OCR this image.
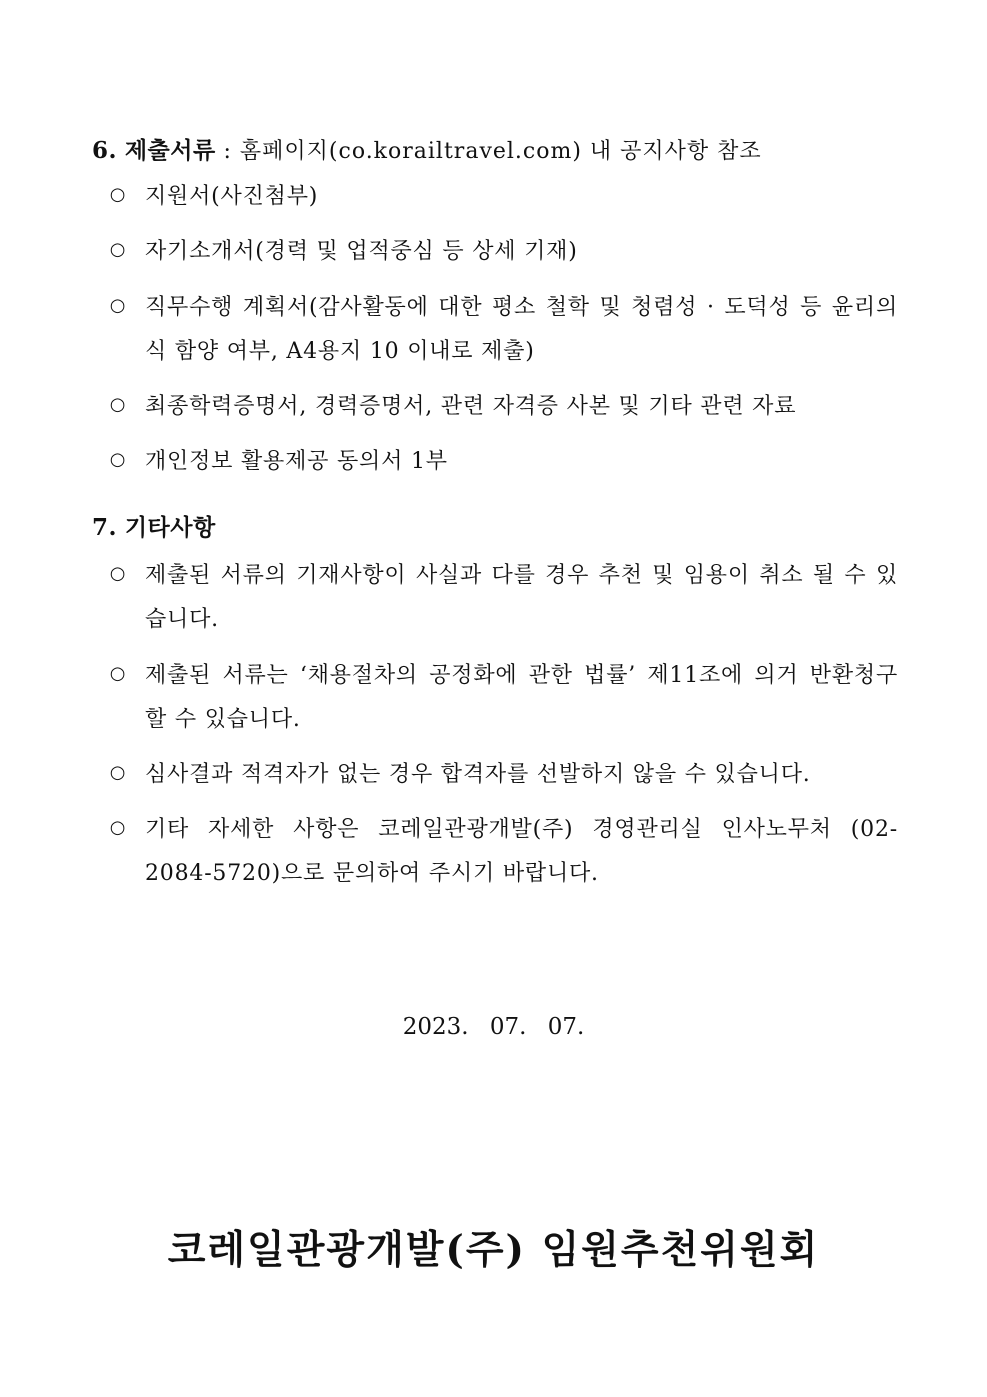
6. 제출서류 : 홈페이지(co.korailtravel.com) 내 공지사항 참조
○ 지원서(사진첨부)
○ 자기소개서(경력 및 업적중심 등 상세 기재)
○ 직무수행 계획서(감사활동에 대한 평소 철학 및 청렴성 · 도덕성 등 윤리의식 함양 여부, A4용지 10 이내로 제출)
○ 최종학력증명서, 경력증명서, 관련 자격증 사본 및 기타 관련 자료
○ 개인정보 활용제공 동의서 1부
7. 기타사항
○ 제출된 서류의 기재사항이 사실과 다를 경우 추천 및 임용이 취소 될 수 있습니다.
○ 제출된 서류는 ‘채용절차의 공정화에 관한 법률’ 제11조에 의거 반환청구 할 수 있습니다.
○ 심사결과 적격자가 없는 경우 합격자를 선발하지 않을 수 있습니다.
○ 기타 자세한 사항은 코레일관광개발(주) 경영관리실 인사노무처 (02-2084-5720)으로 문의하여 주시기 바랍니다.
2023. 07. 07.
코레일관광개발(주) 임원추천위원회
